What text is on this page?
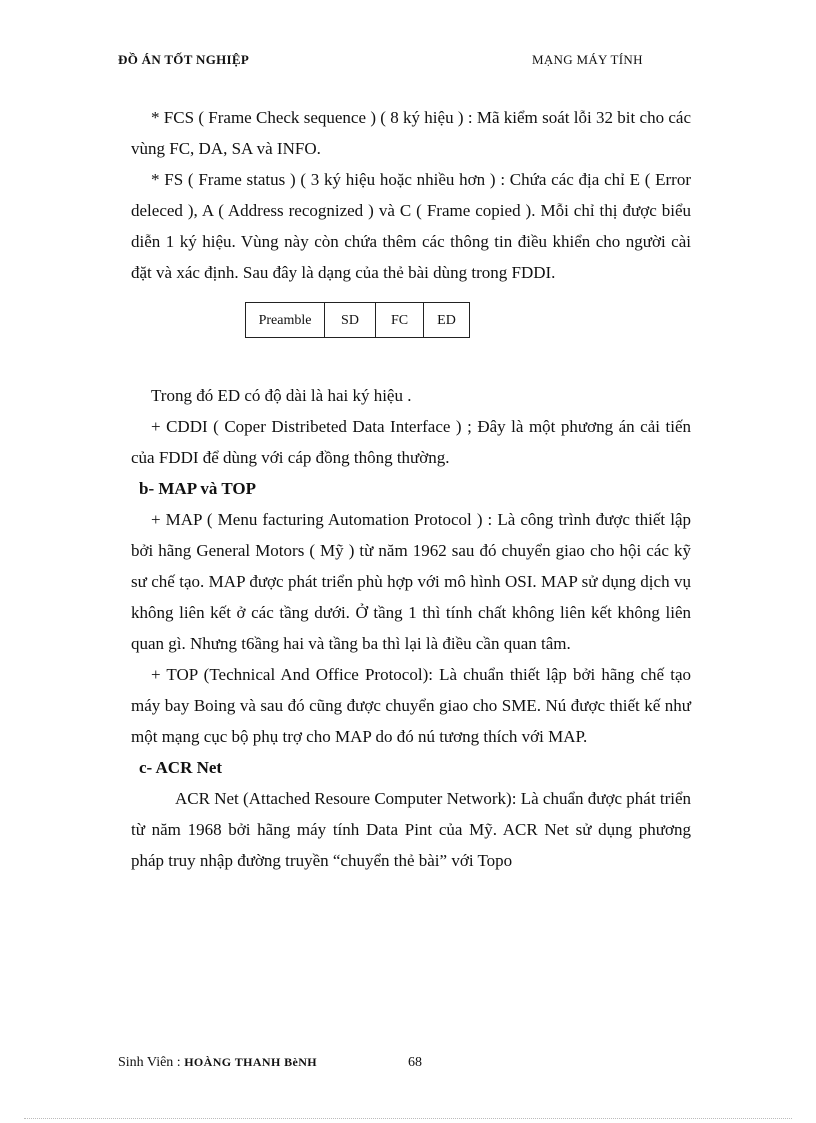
ĐỒ ÁN TỐT NGHIỆP	MẠNG MÁY TÍNH

* FCS ( Frame Check sequence ) ( 8 ký hiệu ) : Mã kiểm soát lỗi 32 bit cho các vùng FC, DA, SA và INFO.

* FS ( Frame status ) ( 3 ký hiệu hoặc nhiều hơn ) : Chứa các địa chỉ E ( Error deleced ), A ( Address recognized ) và C ( Frame copied ). Mỗi chỉ thị được biểu diễn 1 ký hiệu. Vùng này còn chứa thêm các thông tin điều khiển cho người cài đặt và xác định. Sau đây là dạng của thẻ bài dùng trong FDDI.

Preamble	SD	FC	ED

Trong đó ED có độ dài là hai ký hiệu .

+ CDDI ( Coper Distribeted Data Interface ) ; Đây là một phương án cải tiến của FDDI để dùng với cáp đồng thông thường.

b- MAP và TOP

+ MAP ( Menu facturing Automation Protocol ) : Là công trình được thiết lập bởi hãng General Motors ( Mỹ ) từ năm 1962 sau đó chuyển giao cho hội các kỹ sư chế tạo. MAP được phát triển phù hợp với mô hình OSI. MAP sử dụng dịch vụ không liên kết ở các tầng dưới. Ở tầng 1 thì tính chất không liên kết không liên quan gì. Nhưng t6ầng hai và tầng ba thì lại là điều cần quan tâm.

+ TOP (Technical And Office Protocol): Là chuẩn thiết lập bởi hãng chế tạo máy bay Boing và sau đó cũng được chuyển giao cho SME. Nú được thiết kế như một mạng cục bộ phụ trợ cho MAP do đó nú tương thích với MAP.

c- ACR Net

ACR Net (Attached Resoure Computer Network): Là chuẩn được phát triển từ năm 1968 bởi hãng máy tính Data Pint của Mỹ. ACR Net sử dụng phương pháp truy nhập đường truyền “chuyển thẻ bài” với Topo

Sinh Viên : HOÀNG THANH BèNH	68
